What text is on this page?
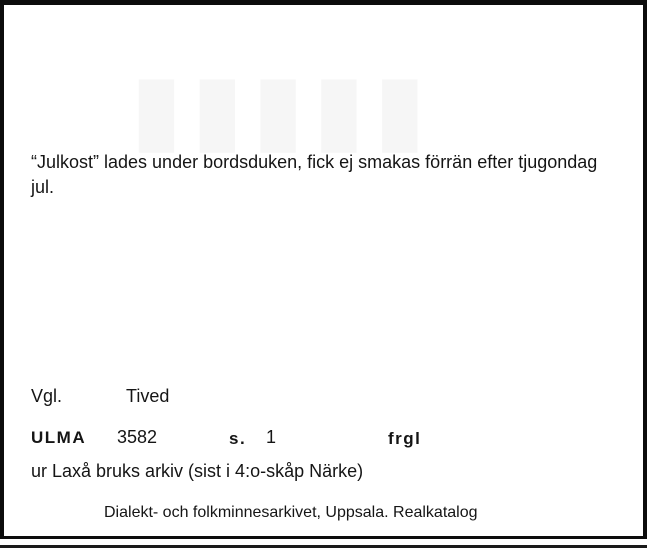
“Julkost” lades under bordsduken, fick ej smakas förrän efter tjugondag jul.

Vgl.	Tived
ULMA 3582	s. 1	frgl
ur Laxå bruks arkiv (sist i 4:o-skåp Närke)
Dialekt- och folkminnesarkivet, Uppsala. Realkatalog
